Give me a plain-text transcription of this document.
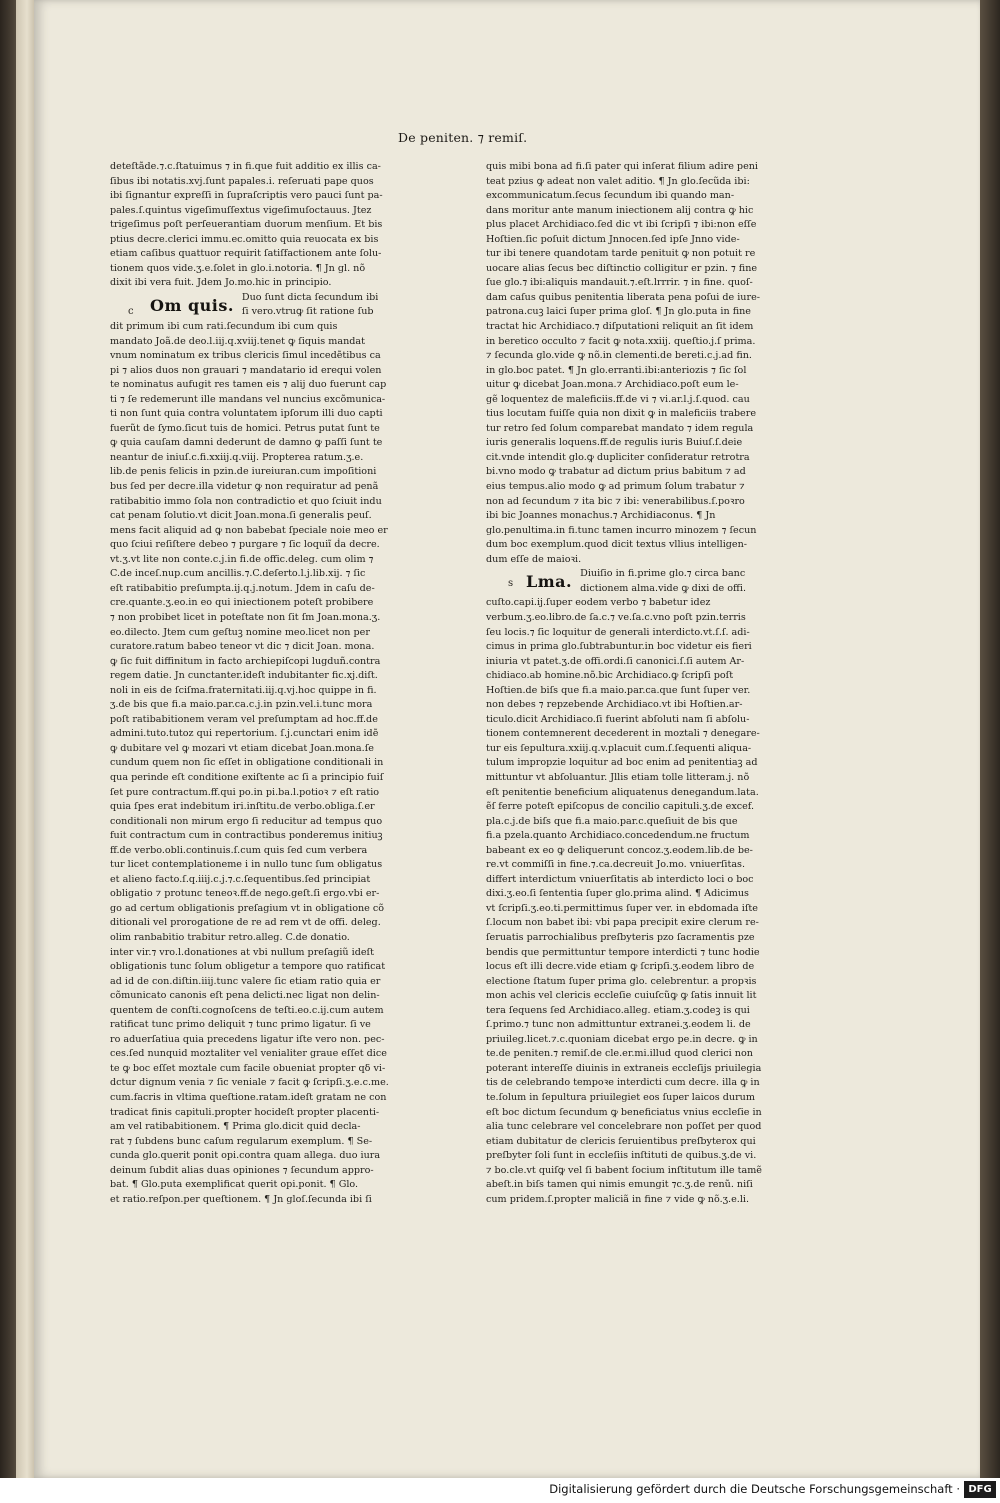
De peniten. ⁊ remiſ.

deteſtãde.⁊.c.ſtatuimus ⁊ in fi.que fuit additio ex illis ca-

ſibus ibi notatis.xvj.ſunt papales.i. reſeruati pape quos

ibi ſignantur expreſſi in ſupraſcriptis vero pauci ſunt pa-

pales.ſ.quintus vigeſimuſſextus vigeſimuſoctauus. Jtez

trigeſimus poſt perſeuerantiam duorum menſium. Et bis

ptius decre.clerici immu.ec.omitto quia reuocata ex bis

etiam caſibus quattuor requirit ſatiſfactionem ante ſolu-

tionem quos vide.ʒ.e.ſolet in glo.i.notoria. ¶ Jn gl. nõ

dixit ibi vera fuit. Jdem Jo.mo.hic in principio.

Om quis. Duo ſunt dicta ſecundum ibi

ſi vero.vtruꝙ ſit ratione ſub

dit primum ibi cum rati.ſecundum ibi cum quis

mandato Joã.de deo.l.iij.q.xviij.tenet ꝙ ſiquis mandat

vnum nominatum ex tribus clericis ſimul incedẽtibus ca

pi ⁊ alios duos non grauari ⁊ mandatario id erequi volen

te nominatus aufugit res tamen eis ⁊ alij duo fuerunt cap

ti ⁊ ſe redemerunt ille mandans vel nuncius excõmunica-

ti non ſunt quia contra voluntatem ipſorum illi duo capti

fuerũt de ſymo.ſicut tuis de homici. Petrus putat ſunt te

ꝙ quia cauſam damni dederunt de damno ꝙ paſſi ſunt te

neantur de iniuſ.c.fi.xxiij.q.viij. Propterea ratum.ʒ.e.

lib.de penis felicis in pzin.de iureiuran.cum impoſitioni

bus ſed per decre.illa videtur ꝙ non requiratur ad penã

ratibabitio immo ſola non contradictio et quo ſciuit indu

cat penam ſolutio.vt dicit Joan.mona.ſi generalis peuſ.

mens facit aliquid ad ꝙ non babebat ſpeciale noie meo er

quo ſciui reſiſtere debeo ⁊ purgare ⁊ ſic loquiĩ ḋa decre.

vt.ʒ.vt lite non conte.c.j.in fi.de offic.deleg. cum olim ⁊

C.de inceſ.nup.cum ancillis.⁊.C.deſerto.l.j.lib.xij. ⁊ ſic

eſt ratibabitio preſumpta.ij.q.j.notum. Jdem in caſu de-

cre.quante.ʒ.eo.in eo qui iniectionem poteſt probibere

⁊ non probibet licet in poteſtate non ſit ſm Joan.mona.ʒ.

eo.dilecto. Jtem cum geſtuꝫ nomine meo.licet non per

curatore.ratum babeo teneor vt dic ⁊ dicit Joan. mona.

ꝙ ſic fuit diffinitum in facto archiepiſcopi lugduñ.contra

regem datie. Jn cunctanter.ideſt indubitanter fic.xj.diſt.

noli in eis de ſciſma.fraternitati.iij.q.vj.hoc quippe in fi.

ʒ.de bis que fi.a maio.par.ca.c.j.in pzin.vel.i.tunc mora

poſt ratibabitionem veram vel preſumptam ad hoc.ff.de

admini.tuto.tutoz qui repertorium. ſ.j.cunctari enim idẽ

ꝙ dubitare vel ꝙ mozari vt etiam dicebat Joan.mona.ſe

cundum quem non ſic eſſet in obligatione conditionali in

qua perinde eſt conditione exiſtente ac ſi a principio fuiſ

ſet pure contractum.ff.qui po.in pi.ba.l.potioꝛ ⁊ eſt ratio

quia ſpes erat indebitum iri.inſtitu.de verbo.obliga.ſ.er

conditionali non mirum ergo ſi reducitur ad tempus quo

fuit contractum cum in contractibus ponderemus initiuꝫ

ff.de verbo.obli.continuis.ſ.cum quis ſed cum verbera

tur licet contemplationeme i in nullo tunc ſum obligatus

et alieno facto.ſ.q.iiij.c.j.⁊.c.ſequentibus.ſed principiat

obligatio ⁊ protunc teneoꝛ.ff.de nego.geſt.ſi ergo.vbi er-

go ad certum obligationis preſagium vt in obligatione cõ

ditionali vel prorogatione de re ad rem vt de offi. deleg.

olim ranbabitio trabitur retro.alleg. C.de donatio.

inter vir.⁊ vro.l.donationes at vbi nullum preſagiũ ideſt

obligationis tunc ſolum obligetur a tempore quo ratificat

ad id de con.diſtin.iiij.tunc valere ſic etiam ratio quia er

cõmunicato canonis eſt pena delicti.nec ligat non delin-

quentem de conſti.cognoſcens de teſti.eo.c.ij.cum autem

ratificat tunc primo deliquit ⁊ tunc primo ligatur. ſi ve

ro aduerſatiua quia precedens ligatur iſte vero non. pec-

ces.ſed nunquid moztaliter vel venialiter graue eſſet dice

te ꝙ boc eſſet moztale cum facile obueniat propter qδ vi-

dctur dignum venia ⁊ ſic veniale ⁊ facit ꝙ ſcripſi.ʒ.e.c.me.

cum.facris in vltima queſtione.ratam.ideſt gratam ne con

tradicat finis capituli.propter hocideſt propter placenti-

am vel ratibabitionem. ¶ Prima glo.dicit quid decla-

rat ⁊ ſubdens bunc caſum regularum exemplum. ¶ Se-

cunda glo.querit ponit opi.contra quam allega. duo iura

deinum ſubdit alias duas opiniones ⁊ ſecundum appro-

bat. ¶ Glo.puta exemplificat querit opi.ponit. ¶ Glo.

et ratio.reſpon.per queſtionem. ¶ Jn gloſ.ſecunda ibi ſi

quis mibi bona ad fi.ſi pater qui inſerat filium adire peni

teat pzius ꝙ adeat non valet aditio. ¶ Jn glo.ſecũda ibi:

excommunicatum.ſecus ſecundum ibi quando man-

dans moritur ante manum iniectionem alij contra ꝙ hic

plus placet Archidiaco.ſed dic vt ibi ſcripſi ⁊ ibi:non eſſe

Hoſtien.ſic poſuit dictum Jnnocen.ſed ipſe Jnno vide-

tur ibi tenere quandotam tarde penituit ꝙ non potuit re

uocare alias ſecus bec diſtinctio colligitur er pzin. ⁊ fine

ſue glo.⁊ ibi:aliquis mandauit.⁊.eſt.lrrrir. ⁊ in fine. quoſ-

dam caſus quibus penitentia liberata pena poſui de iure-

patrona.cuꝫ laici ſuper prima gloſ. ¶ Jn glo.puta in fine

tractat hic Archidiaco.⁊ diſputationi reliquit an ſit idem

in beretico occulto ⁊ facit ꝙ nota.xxiij. queſtio.j.ſ prima.

⁊ ſecunda glo.vide ꝙ nõ.in clementi.de bereti.c.j.ad fin.

in glo.boc patet. ¶ Jn glo.erranti.ibi:anteriozis ⁊ ſic ſol

uitur ꝙ dicebat Joan.mona.⁊ Archidiaco.poſt eum le-

gẽ loquentez de maleficiis.ff.de vi ⁊ vi.ar.l.j.ſ.quod. cau

tius locutam fuiſſe quia non dixit ꝙ in maleficiis trabere

tur retro ſed ſolum comparebat mandato ⁊ idem regula

iuris generalis loquens.ff.de regulis iuris Buiuſ.ſ.deie

cit.vnde intendit glo.ꝙ dupliciter conſideratur retrotra

bi.vno modo ꝙ trabatur ad dictum prius babitum ⁊ ad

eius tempus.alio modo ꝙ ad primum ſolum trabatur ⁊

non ad ſecundum ⁊ ita bic ⁊ ibi: venerabilibus.ſ.poꝛro

ibi bic Joannes monachus.⁊ Archidiaconus. ¶ Jn

glo.penultima.in fi.tunc tamen incurro minozem ⁊ ſecun

dum boc exemplum.quod dicit textus vllius intelligen-

dum eſſe de maioꝛi.

Lma. Diuiſio in fi.prime glo.⁊ circa banc

dictionem alma.vide ꝙ dixi de offi.

cuſto.capi.ij.ſuper eodem verbo ⁊ babetur idez

verbum.ʒ.eo.libro.de ſa.c.⁊ ve.ſa.c.vno poſt pzin.terris

ſeu locis.⁊ ſic loquitur de generali interdicto.vt.ſ.ſ. adi-

cimus in prima glo.ſubtrabuntur.in boc videtur eis fieri

iniuria vt patet.ʒ.de offi.ordi.ſi canonici.ſ.ſi autem Ar-

chidiaco.ab homine.nõ.bic Archidiaco.ꝙ ſcripſi poſt

Hoſtien.de biſs que fi.a maio.par.ca.que ſunt ſuper ver.

non debes ⁊ repzebende Archidiaco.vt ibi Hoſtien.ar-

ticulo.dicit Archidiaco.ſi fuerint abſoluti nam ſi abſolu-

tionem contemnerent decederent in moztali ⁊ denegare-

tur eis ſepultura.xxiij.q.v.placuit cum.ſ.ſequenti aliqua-

tulum impropzie loquitur ad boc enim ad penitentiaꝫ ad

mittuntur vt abſoluantur. Jllis etiam tolle litteram.j. nõ

eſt penitentie beneficium aliquatenus denegandum.lata.

ẽſ ferre poteſt epiſcopus de concilio capituli.ʒ.de excef.

pla.c.j.de biſs que fi.a maio.par.c.queſiuit de bis que

fi.a pzela.quanto Archidiaco.concedendum.ne fructum

babeant ex eo ꝙ deliquerunt concoz.ʒ.eodem.lib.de be-

re.vt commiſſi in fine.⁊.ca.decreuit Jo.mo. vniuerſitas.

differt interdictum vniuerſitatis ab interdicto loci o boc

dixi.ʒ.eo.ſi ſententia ſuper glo.prima alind. ¶ Adicimus

vt ſcripſi.ʒ.eo.ti.permittimus ſuper ver. in ebdomada iſte

ſ.locum non babet ibi: vbi papa precipit exire clerum re-

ſeruatis parrochialibus preſbyteris pzo ſacramentis pze

bendis que permittuntur tempore interdicti ⁊ tunc hodie

locus eſt illi decre.vide etiam ꝙ ſcripſi.ʒ.eodem libro de

electione ſtatum ſuper prima glo. celebrentur. a propꝛis

mon achis vel clericis eccleſie cuiuſcũꝙ ꝙ ſatis innuit lit

tera ſequens ſed Archidiaco.alleg. etiam.ʒ.codeꝫ is qui

ſ.primo.⁊ tunc non admittuntur extranei.ʒ.eodem li. de

priuileg.licet.⁊.c.quoniam dicebat ergo pe.in decre. ꝙ in

te.de peniten.⁊ remiſ.de cle.er.mi.illud quod clerici non

poterant intereſſe diuinis in extraneis eccleſijs priuilegia

tis de celebrando tempoꝛe interdicti cum decre. illa ꝙ in

te.ſolum in ſepultura priuilegiet eos ſuper laicos durum

eſt boc dictum ſecundum ꝙ beneficiatus vnius eccleſie in

alia tunc celebrare vel concelebrare non poſſet per quod

etiam dubitatur de clericis ſeruientibus preſbyterox qui

preſbyter ſoli ſunt in eccleſiis inſtituti de quibus.ʒ.de vi.

⁊ bo.cle.vt quiſꝙ vel ſi babent ſocium inſtitutum ille tamẽ

abeſt.in biſs tamen qui nimis emungit ⁊c.ʒ.de renũ. niſi

cum pridem.ſ.propter maliciã in fine ⁊ vide ꝙ nõ.ʒ.e.li.

c
s
Digitalisierung gefördert durch die Deutsche Forschungsgemeinschaft · DFG
